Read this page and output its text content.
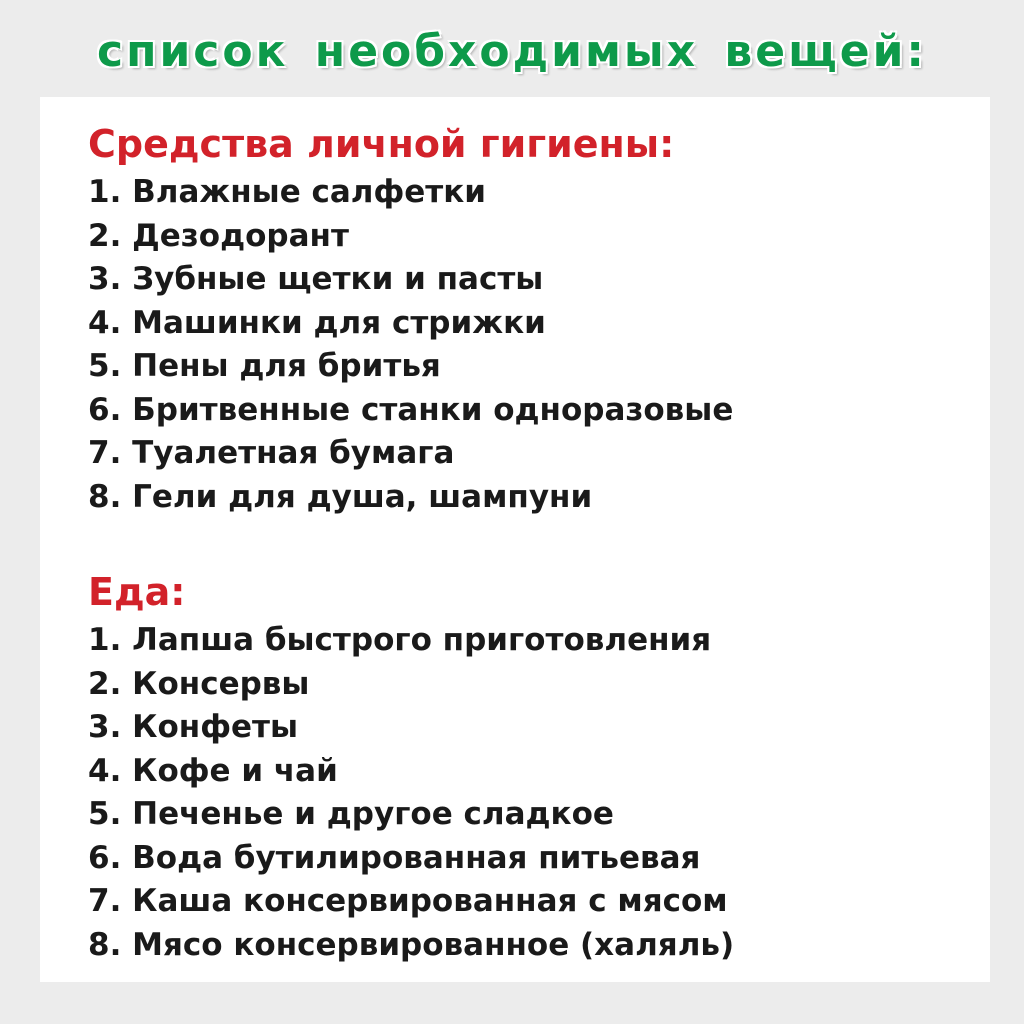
список необходимых вещей:
Средства личной гигиены:
1. Влажные салфетки
2. Дезодорант
3. Зубные щетки и пасты
4. Машинки для стрижки
5. Пены для бритья
6. Бритвенные станки одноразовые
7. Туалетная бумага
8. Гели для душа, шампуни
Еда:
1. Лапша быстрого приготовления
2. Консервы
3. Конфеты
4. Кофе и чай
5. Печенье и другое сладкое
6. Вода бутилированная питьевая
7. Каша консервированная с мясом
8. Мясо консервированное (халяль)
